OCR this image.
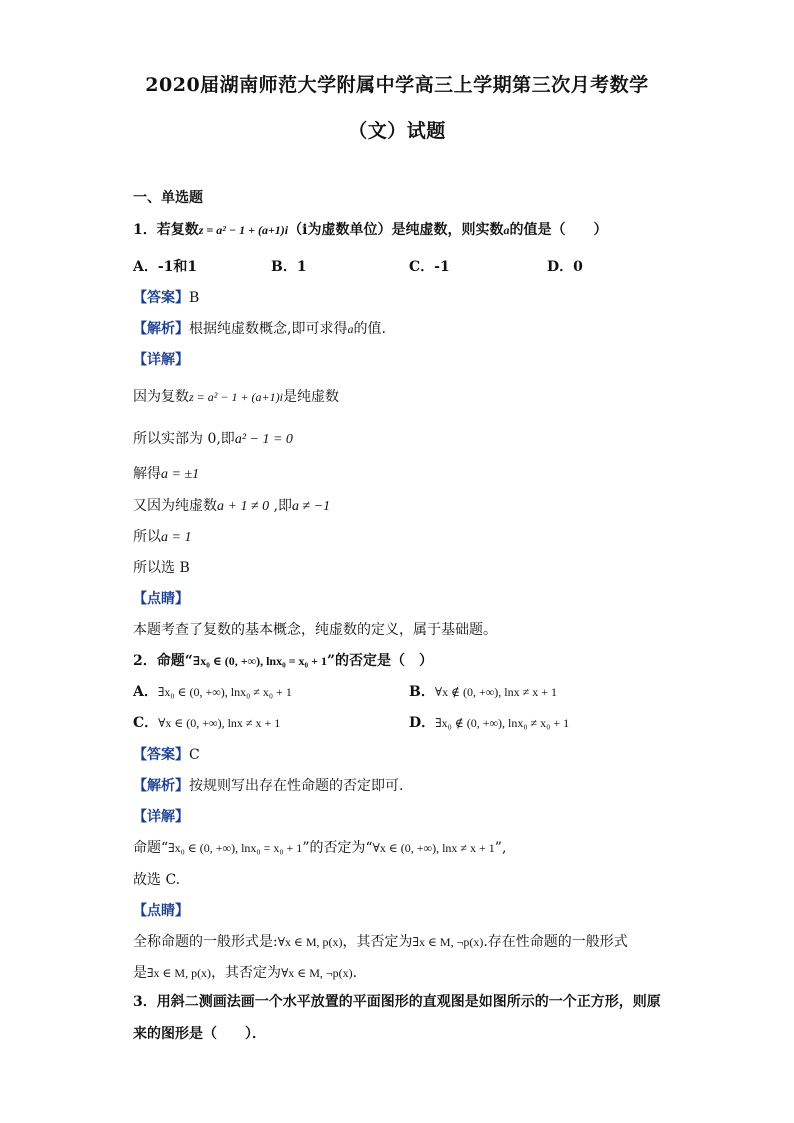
2020届湖南师范大学附属中学高三上学期第三次月考数学
（文）试题
一、单选题
1．若复数z = a² − 1 + (a+1)i（i为虚数单位）是纯虚数，则实数a的值是（　　）
A．-1和1	B．1	C．-1	D．0
【答案】B
【解析】根据纯虚数概念,即可求得a的值.
【详解】
因为复数z = a² − 1 + (a+1)i是纯虚数
所以实部为 0,即a² − 1 = 0
解得a = ±1
又因为纯虚数a + 1 ≠ 0 ,即a ≠ −1
所以a = 1
所以选 B
【点睛】
本题考查了复数的基本概念，纯虚数的定义，属于基础题。
2．命题“∃x₀ ∈ (0, +∞), lnx₀ = x₀ + 1”的否定是（　）
A．∃x₀ ∈ (0, +∞), lnx₀ ≠ x₀ + 1	B．∀x ∉ (0, +∞), lnx ≠ x + 1
C．∀x ∈ (0, +∞), lnx ≠ x + 1	D．∃x₀ ∉ (0, +∞), lnx₀ ≠ x₀ + 1
【答案】C
【解析】按规则写出存在性命题的否定即可.
【详解】
命题“∃x₀ ∈ (0, +∞), lnx₀ = x₀ + 1”的否定为“∀x ∈ (0, +∞), lnx ≠ x + 1”,
故选 C.
【点睛】
全称命题的一般形式是:∀x ∈ M, p(x)，其否定为∃x ∈ M, ¬p(x).存在性命题的一般形式
是∃x ∈ M, p(x)，其否定为∀x ∈ M, ¬p(x).
3．用斜二测画法画一个水平放置的平面图形的直观图是如图所示的一个正方形，则原来的图形是（　　）．
